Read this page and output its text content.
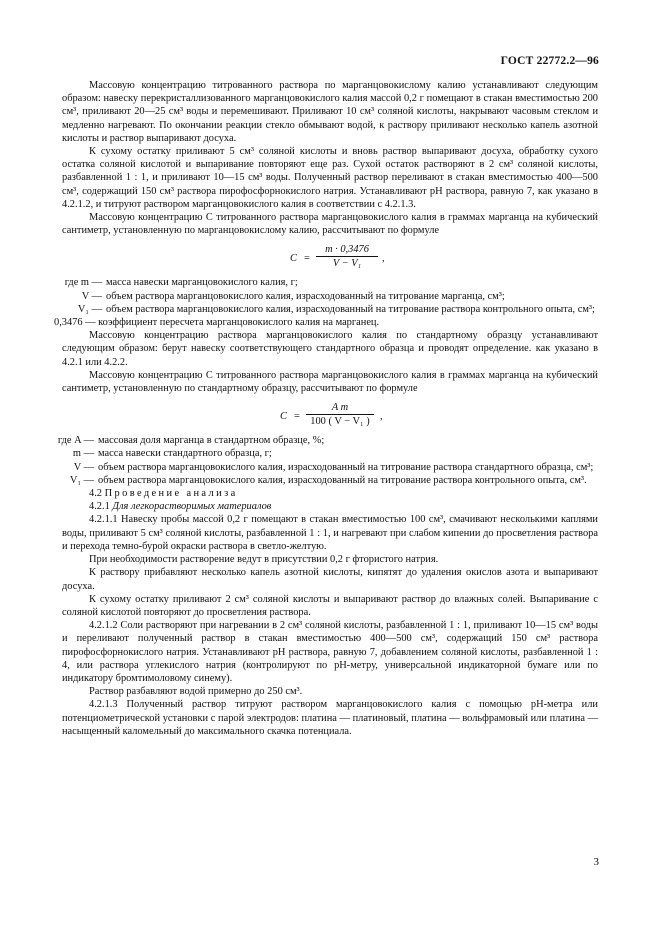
ГОСТ 22772.2—96

Массовую концентрацию титрованного раствора по марганцовокислому калию устанавливают следующим образом: навеску перекристаллизованного марганцовокислого калия массой 0,2 г помещают в стакан вместимостью 200 см³, приливают 20—25 см³ воды и перемешивают. Приливают 10 см³ соляной кислоты, накрывают часовым стеклом и медленно нагревают. По окончании реакции стекло обмывают водой, к раствору приливают несколько капель азотной кислоты и раствор выпаривают досуха.

К сухому остатку приливают 5 см³ соляной кислоты и вновь раствор выпаривают досуха, обработку сухого остатка соляной кислотой и выпаривание повторяют еще раз. Сухой остаток растворяют в 2 см³ соляной кислоты, разбавленной 1 : 1, и приливают 10—15 см³ воды. Полученный раствор переливают в стакан вместимостью 400—500 см³, содержащий 150 см³ раствора пирофосфорнокислого натрия. Устанавливают pH раствора, равную 7, как указано в 4.2.1.2, и титруют раствором марганцовокислого калия в соответствии с 4.2.1.3.

Массовую концентрацию C титрованного раствора марганцовокислого калия в граммах марганца на кубический сантиметр, установленную по марганцовокислому калию, рассчитывают по формуле

C =
m · 0,3476
V − V₁	,
где m — масса навески марганцовокислого калия, г;
V — объем раствора марганцовокислого калия, израсходованный на титрование марганца, см³;
V₁ — объем раствора марганцовокислого калия, израсходованный на титрование раствора контрольного опыта, см³;

0,3476 — коэффициент пересчета марганцовокислого калия на марганец.

Массовую концентрацию раствора марганцовокислого калия по стандартному образцу устанавливают следующим образом: берут навеску соответствующего стандартного образца и проводят определение. как указано в 4.2.1 или 4.2.2.

Массовую концентрацию C титрованного раствора марганцовокислого калия в граммах марганца на кубический сантиметр, установленную по стандартному образцу, рассчитывают по формуле

C =
A m
100 ( V − V₁ ) ,
где A — массовая доля марганца в стандартном образце, %;
m — масса навески стандартного образца, г;
V — объем раствора марганцовокислого калия, израсходованный на титрование раствора стандартного образца, см³;
V₁ — объем раствора марганцовокислого калия, израсходованный на титрование раствора контрольного опыта, см³.

4.2 Проведение анализа

4.2.1 Для легкорастворимых материалов

4.2.1.1 Навеску пробы массой 0,2 г помещают в стакан вместимостью 100 см³, смачивают несколькими каплями воды, приливают 5 см³ соляной кислоты, разбавленной 1 : 1, и нагревают при слабом кипении до просветления раствора и перехода темно-бурой окраски раствора в светло-желтую.

При необходимости растворение ведут в присутствии 0,2 г фтористого натрия.

К раствору прибавляют несколько капель азотной кислоты, кипятят до удаления окислов азота и выпаривают досуха.

К сухому остатку приливают 2 см³ соляной кислоты и выпаривают раствор до влажных солей. Выпаривание с соляной кислотой повторяют до просветления раствора.

4.2.1.2 Соли растворяют при нагревании в 2 см³ соляной кислоты, разбавленной 1 : 1, приливают 10—15 см³ воды и переливают полученный раствор в стакан вместимостью 400—500 см³, содержащий 150 см³ раствора пирофосфорнокислого натрия. Устанавливают pH раствора, равную 7, добавлением соляной кислоты, разбавленной 1 : 4, или раствора углекислого натрия (контролируют по pH-метру, универсальной индикаторной бумаге или по индикатору бромтимоловому синему).

Раствор разбавляют водой примерно до 250 см³.

4.2.1.3 Полученный раствор титруют раствором марганцовокислого калия с помощью pH-метра или потенциометрической установки с парой электродов: платина — платиновый, платина — вольфрамовый или платина — насыщенный каломельный до максимального скачка потенциала.

3
